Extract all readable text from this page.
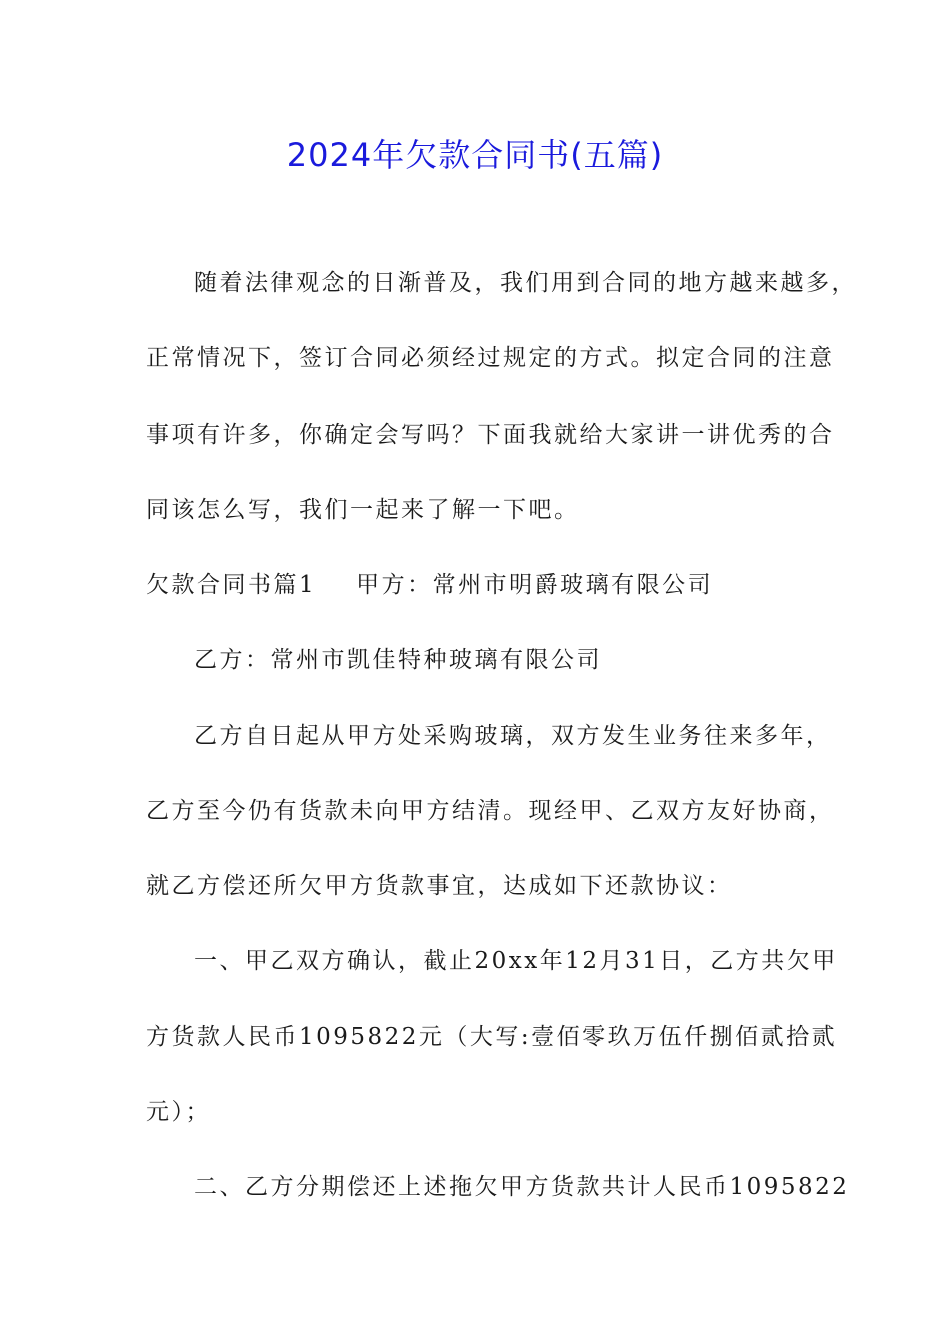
2024年欠款合同书(五篇)
随着法律观念的日渐普及，我们用到合同的地方越来越多，
正常情况下，签订合同必须经过规定的方式。拟定合同的注意
事项有许多，你确定会写吗？下面我就给大家讲一讲优秀的合
同该怎么写，我们一起来了解一下吧。
欠款合同书篇1 甲方：常州市明爵玻璃有限公司
乙方：常州市凯佳特种玻璃有限公司
乙方自日起从甲方处采购玻璃，双方发生业务往来多年，
乙方至今仍有货款未向甲方结清。现经甲、乙双方友好协商，
就乙方偿还所欠甲方货款事宜，达成如下还款协议：
一、甲乙双方确认，截止20xx年12月31日，乙方共欠甲
方货款人民币1095822元（大写:壹佰零玖万伍仟捌佰贰拾贰
元）；
二、乙方分期偿还上述拖欠甲方货款共计人民币1095822
